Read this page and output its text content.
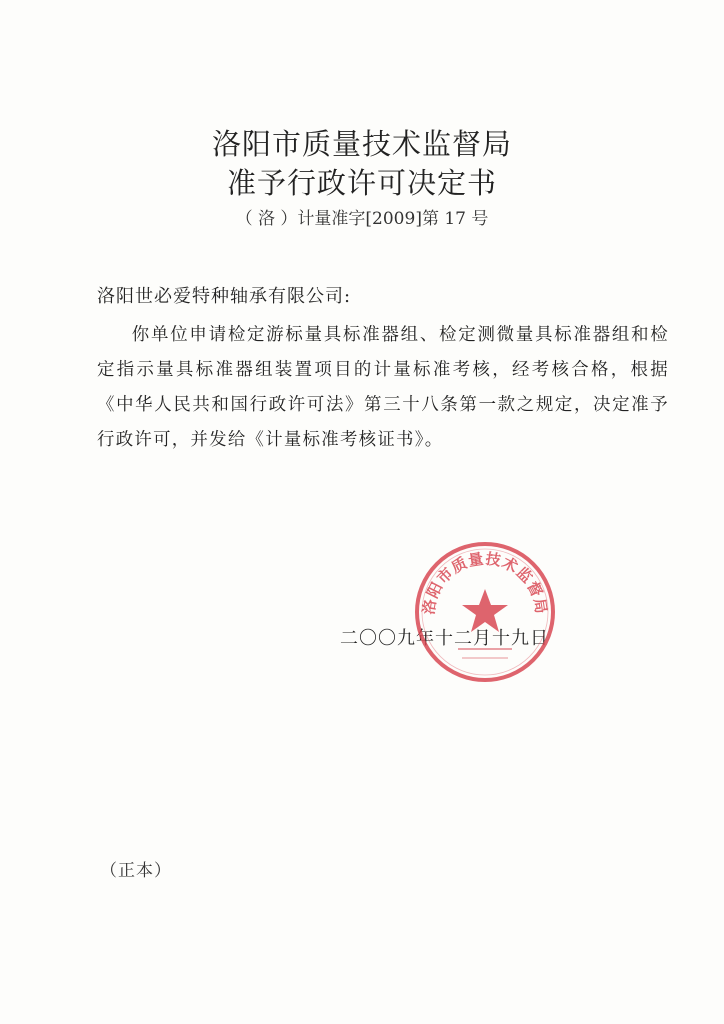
洛阳市质量技术监督局
准予行政许可决定书
（ 洛 ）计量准字[2009]第 17 号
洛阳世必爱特种轴承有限公司:
你单位申请检定游标量具标准器组、检定测微量具标准器组和检定指示量具标准器组装置项目的计量标准考核，经考核合格，根据《中华人民共和国行政许可法》第三十八条第一款之规定，决定准予行政许可，并发给《计量标准考核证书》。
二〇〇九年十二月十九日
洛阳市质量技术监督局
（正本）
